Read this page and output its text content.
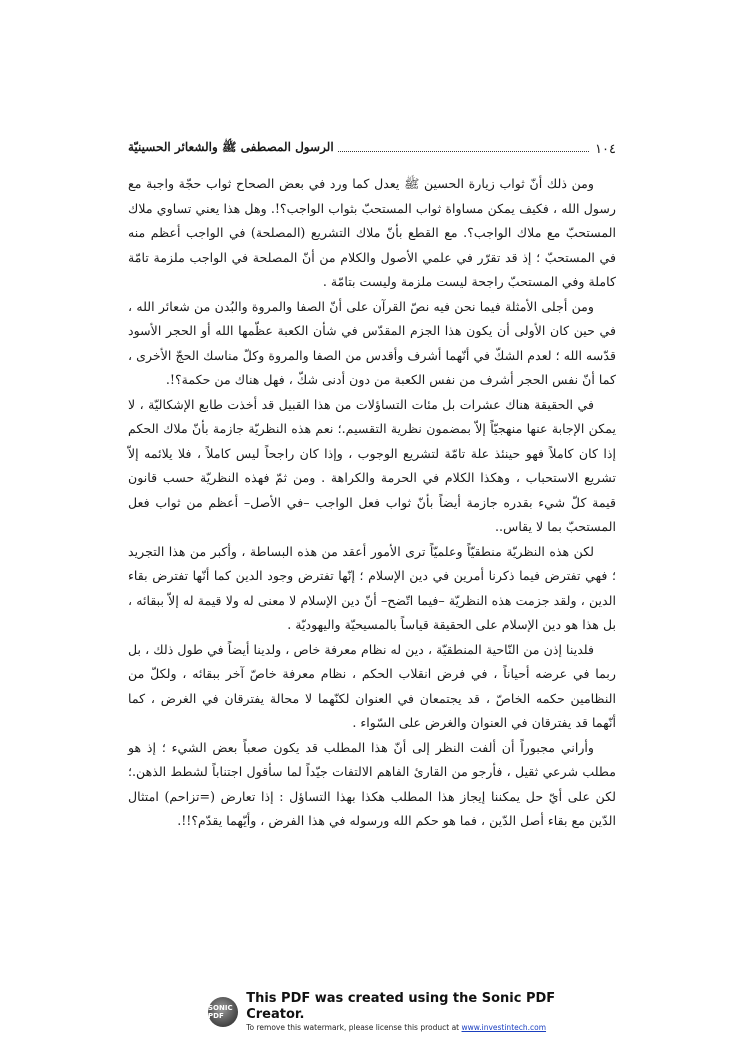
١٠٤
الرسول المصطفى ﷺ والشعائر الحسينيّة

ومن ذلك أنّ ثواب زيارة الحسين ﷺ يعدل كما ورد في بعض الصحاح ثواب حجّة واجبة مع رسول الله ، فكيف يمكن مساواة ثواب المستحبّ بثواب الواجب؟!. وهل هذا يعني تساوي ملاك المستحبّ مع ملاك الواجب؟. مع القطع بأنّ ملاك التشريع (المصلحة) في الواجب أعظم منه في المستحبّ ؛ إذ قد تقرّر في علمي الأصول والكلام من أنّ المصلحة في الواجب ملزمة تامّة كاملة وفي المستحبّ راجحة ليست ملزمة وليست بتامّة .

ومن أجلى الأمثلة فيما نحن فيه نصّ القرآن على أنّ الصفا والمروة والبُدن من شعائر الله ، في حين كان الأولى أن يكون هذا الجزم المقدّس في شأن الكعبة عظّمها الله أو الحجر الأسود قدّسه الله ؛ لعدم الشكّ في أنّهما أشرف وأقدس من الصفا والمروة وكلّ مناسك الحجّ الأخرى ، كما أنّ نفس الحجر أشرف من نفس الكعبة من دون أدنى شكّ ، فهل هناك من حكمة؟!.

في الحقيقة هناك عشرات بل مئات التساؤلات من هذا القبيل قد أخذت طابع الإشكاليّة ، لا يمكن الإجابة عنها منهجيّاً إلاّ بمضمون نظرية التقسيم.؛ نعم هذه النظريّة جازمة بأنّ ملاك الحكم إذا كان كاملاً فهو حينئذ علة تامّة لتشريع الوجوب ، وإذا كان راجحاً ليس كاملاً ، فلا يلائمه إلاّ تشريع الاستحباب ، وهكذا الكلام في الحرمة والكراهة . ومن ثمّ فهذه النظريّة حسب قانون قيمة كلّ شيء بقدره جازمة أيضاً بأنّ ثواب فعل الواجب –في الأصل– أعظم من ثواب فعل المستحبّ بما لا يقاس..

لكن هذه النظريّة منطقيّاً وعلميّاً ترى الأمور أعقد من هذه البساطة ، وأكبر من هذا التجريد ؛ فهي تفترض فيما ذكرنا أمرين في دين الإسلام ؛ إنّها تفترض وجود الدين كما أنّها تفترض بقاء الدين ، ولقد جزمت هذه النظريّة –فيما اتّضح– أنّ دين الإسلام لا معنى له ولا قيمة له إلاّ ببقائه ، بل هذا هو دين الإسلام على الحقيقة قياساً بالمسيحيّة واليهوديّة .

فلدينا إذن من النّاحية المنطقيّة ، دين له نظام معرفة خاص ، ولدينا أيضاً في طول ذلك ، بل ربما في عرضه أحياناً ، في فرض انقلاب الحكم ، نظام معرفة خاصّ آخر ببقائه ، ولكلّ من النظامين حكمه الخاصّ ، قد يجتمعان في العنوان لكنّهما لا محالة يفترقان في الغرض ، كما أنّهما قد يفترقان في العنوان والغرض على السّواء .

وأراني مجبوراً أن ألفت النظر إلى أنّ هذا المطلب قد يكون صعباً بعض الشيء ؛ إذ هو مطلب شرعي ثقيل ، فأرجو من القارئ الفاهم الالتفات جيّداً لما سأقول اجتناباً لشطط الذهن.؛ لكن على أيّ حل يمكننا إيجاز هذا المطلب هكذا بهذا التساؤل : إذا تعارض (=تزاحم) امتثال الدّين مع بقاء أصل الدّين ، فما هو حكم الله ورسوله في هذا الفرض ، وأيّهما يقدّم؟!!.

SONIC PDF
This PDF was created using the Sonic PDF Creator.
To remove this watermark, please license this product at www.investintech.com
